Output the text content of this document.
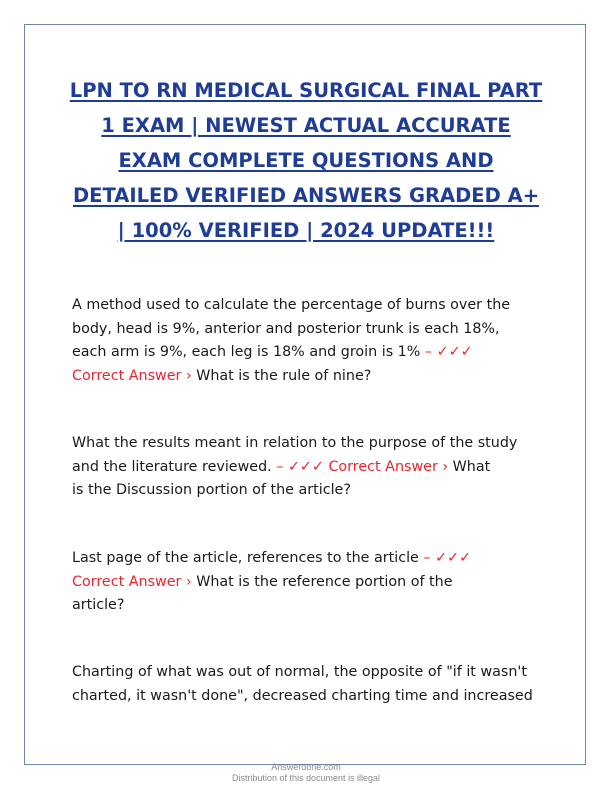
LPN TO RN MEDICAL SURGICAL FINAL PART
1 EXAM | NEWEST ACTUAL ACCURATE
EXAM COMPLETE QUESTIONS AND
DETAILED VERIFIED ANSWERS GRADED A+
| 100% VERIFIED | 2024 UPDATE!!!

A method used to calculate the percentage of burns over the
body, head is 9%, anterior and posterior trunk is each 18%,
each arm is 9%, each leg is 18% and groin is 1% – ✓✓✓
Correct Answer › What is the rule of nine?

What the results meant in relation to the purpose of the study
and the literature reviewed. – ✓✓✓ Correct Answer › What
is the Discussion portion of the article?

Last page of the article, references to the article – ✓✓✓
Correct Answer › What is the reference portion of the
article?

Charting of what was out of normal, the opposite of "if it wasn't
charted, it wasn't done", decreased charting time and increased

Answerdone.com
Distribution of this document is illegal
